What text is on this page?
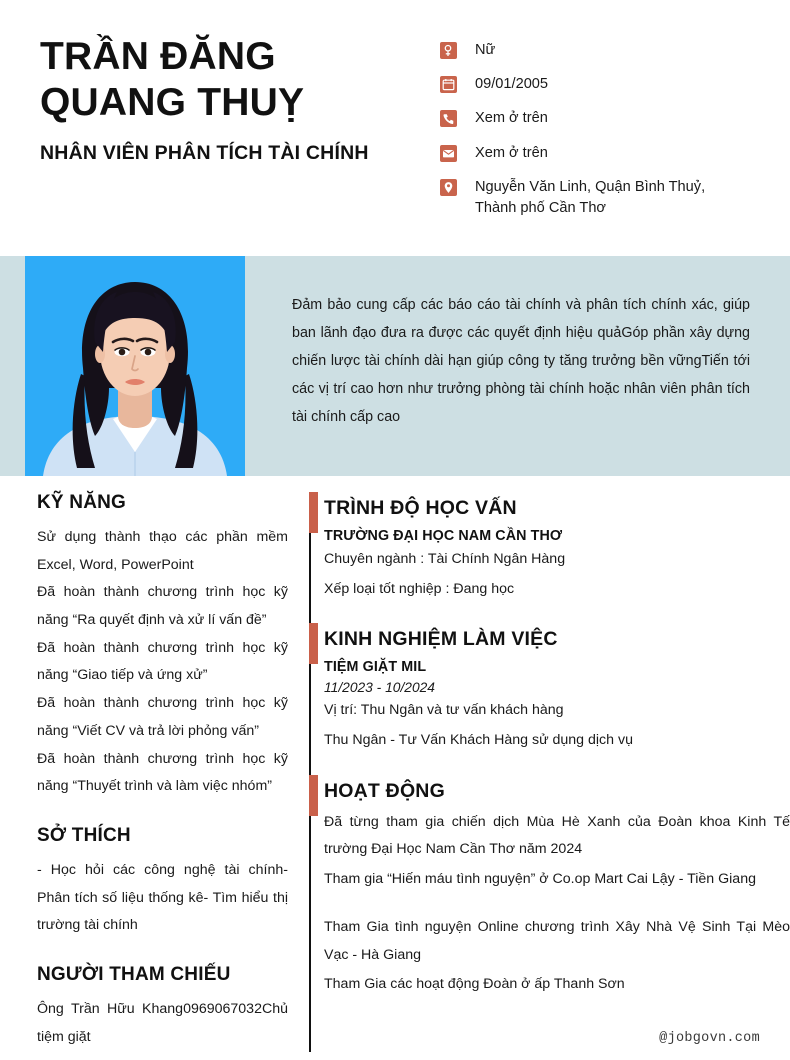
TRẦN ĐĂNG
QUANG THUỴ
NHÂN VIÊN PHÂN TÍCH TÀI CHÍNH
Nữ
09/01/2005
Xem ở trên
Xem ở trên
Nguyễn Văn Linh, Quận Bình Thuỷ, Thành phố Cần Thơ
Đảm bảo cung cấp các báo cáo tài chính và phân tích chính xác, giúp ban lãnh đạo đưa ra được các quyết định hiệu quảGóp phần xây dựng chiến lược tài chính dài hạn giúp công ty tăng trưởng bền vữngTiến tới các vị trí cao hơn như trưởng phòng tài chính hoặc nhân viên phân tích tài chính cấp cao
KỸ NĂNG
Sử dụng thành thạo các phần mềm Excel, Word, PowerPoint
Đã hoàn thành chương trình học kỹ năng “Ra quyết định và xử lí vấn đề”
Đã hoàn thành chương trình học kỹ năng “Giao tiếp và ứng xử”
Đã hoàn thành chương trình học kỹ năng “Viết CV và trả lời phỏng vấn”
Đã hoàn thành chương trình học kỹ năng “Thuyết trình và làm việc nhóm”
SỞ THÍCH
- Học hỏi các công nghệ tài chính- Phân tích số liệu thống kê- Tìm hiểu thị trường tài chính
NGƯỜI THAM CHIẾU
Ông Trần Hữu Khang0969067032Chủ tiệm giặt
TRÌNH ĐỘ HỌC VẤN
TRƯỜNG ĐẠI HỌC NAM CẦN THƠ
Chuyên ngành : Tài Chính Ngân Hàng
Xếp loại tốt nghiệp : Đang học
KINH NGHIỆM LÀM VIỆC
TIỆM GIẶT MIL
11/2023 - 10/2024
Vị trí: Thu Ngân và tư vấn khách hàng
Thu Ngân - Tư Vấn Khách Hàng sử dụng dịch vụ
HOẠT ĐỘNG
Đã từng tham gia chiến dịch Mùa Hè Xanh của Đoàn khoa Kinh Tế trường Đại Học Nam Cần Thơ năm 2024
Tham gia “Hiến máu tình nguyện” ở Co.op Mart Cai Lậy - Tiền Giang
Tham Gia tình nguyện Online chương trình Xây Nhà Vệ Sinh Tại Mèo Vạc - Hà Giang
Tham Gia các hoạt động Đoàn ở ấp Thanh Sơn
@jobgovn.com
